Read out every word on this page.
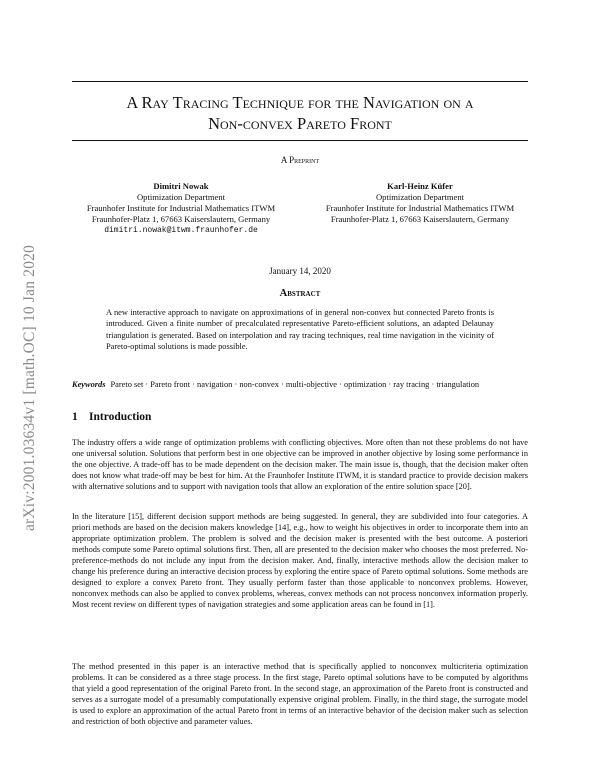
arXiv:2001.03634v1 [math.OC] 10 Jan 2020
A Ray Tracing Technique for the Navigation on a
Non-convex Pareto Front
A Preprint
Dimitri Nowak
Optimization Department
Fraunhofer Institute for Industrial Mathematics ITWM
Fraunhofer-Platz 1, 67663 Kaiserslautern, Germany
dimitri.nowak@itwm.fraunhofer.de
Karl-Heinz Küfer
Optimization Department
Fraunhofer Institute for Industrial Mathematics ITWM
Fraunhofer-Platz 1, 67663 Kaiserslautern, Germany
January 14, 2020
Abstract
A new interactive approach to navigate on approximations of in general non-convex but connected Pareto fronts is introduced. Given a finite number of precalculated representative Pareto-efficient solutions, an adapted Delaunay triangulation is generated. Based on interpolation and ray tracing techniques, real time navigation in the vicinity of Pareto-optimal solutions is made possible.
Keywords Pareto set · Pareto front · navigation · non-convex · multi-objective · optimization · ray tracing · triangulation
1 Introduction

The industry offers a wide range of optimization problems with conflicting objectives. More often than not these problems do not have one universal solution. Solutions that perform best in one objective can be improved in another objective by losing some performance in the one objective. A trade-off has to be made dependent on the decision maker. The main issue is, though, that the decision maker often does not know what trade-off may be best for him. At the Fraunhofer Institute ITWM, it is standard practice to provide decision makers with alternative solutions and to support with navigation tools that allow an exploration of the entire solution space [20].

In the literature [15], different decision support methods are being suggested. In general, they are subdivided into four categories. A priori methods are based on the decision makers knowledge [14], e.g., how to weight his objectives in order to incorporate them into an appropriate optimization problem. The problem is solved and the decision maker is presented with the best outcome. A posteriori methods compute some Pareto optimal solutions first. Then, all are presented to the decision maker who chooses the most preferred. No-preference-methods do not include any input from the decision maker. And, finally, interactive methods allow the decision maker to change his preference during an interactive decision process by exploring the entire space of Pareto optimal solutions. Some methods are designed to explore a convex Pareto front. They usually perform faster than those applicable to nonconvex problems. However, nonconvex methods can also be applied to convex problems, whereas, convex methods can not process nonconvex information properly. Most recent review on different types of navigation strategies and some application areas can be found in [1].

The method presented in this paper is an interactive method that is specifically applied to nonconvex multicriteria optimization problems. It can be considered as a three stage process. In the first stage, Pareto optimal solutions have to be computed by algorithms that yield a good representation of the original Pareto front. In the second stage, an approximation of the Pareto front is constructed and serves as a surrogate model of a presumably computationally expensive original problem. Finally, in the third stage, the surrogate model is used to explore an approximation of the actual Pareto front in terms of an interactive behavior of the decision maker such as selection and restriction of both objective and parameter values.
